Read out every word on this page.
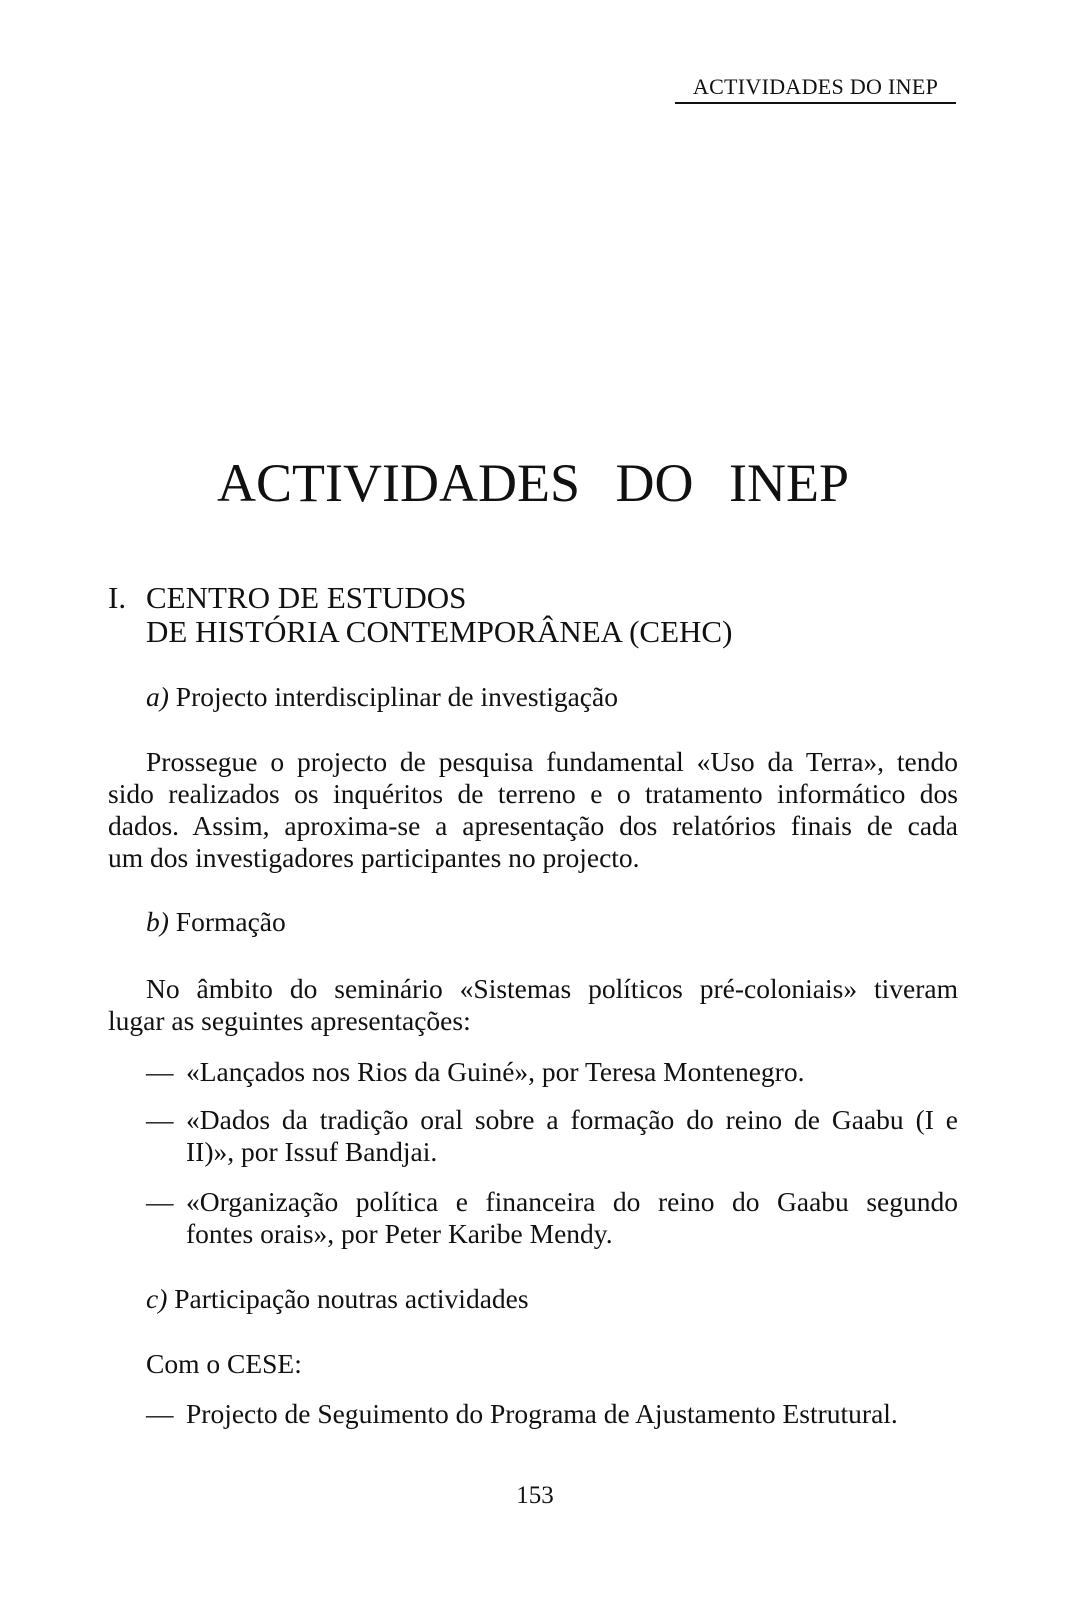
ACTIVIDADES DO INEP
ACTIVIDADES DO INEP
I. CENTRO DE ESTUDOS
DE HISTÓRIA CONTEMPORÂNEA (CEHC)
a) Projecto interdisciplinar de investigação
Prossegue o projecto de pesquisa fundamental «Uso da Terra», tendo
sido realizados os inquéritos de terreno e o tratamento informático dos
dados. Assim, aproxima-se a apresentação dos relatórios finais de cada
um dos investigadores participantes no projecto.
b) Formação
No âmbito do seminário «Sistemas políticos pré-coloniais» tiveram
lugar as seguintes apresentações:
— «Lançados nos Rios da Guiné», por Teresa Montenegro.
— «Dados da tradição oral sobre a formação do reino de Gaabu (I e
II)», por Issuf Bandjai.
— «Organização política e financeira do reino do Gaabu segundo
fontes orais», por Peter Karibe Mendy.
c) Participação noutras actividades
Com o CESE:
— Projecto de Seguimento do Programa de Ajustamento Estrutural.
153
